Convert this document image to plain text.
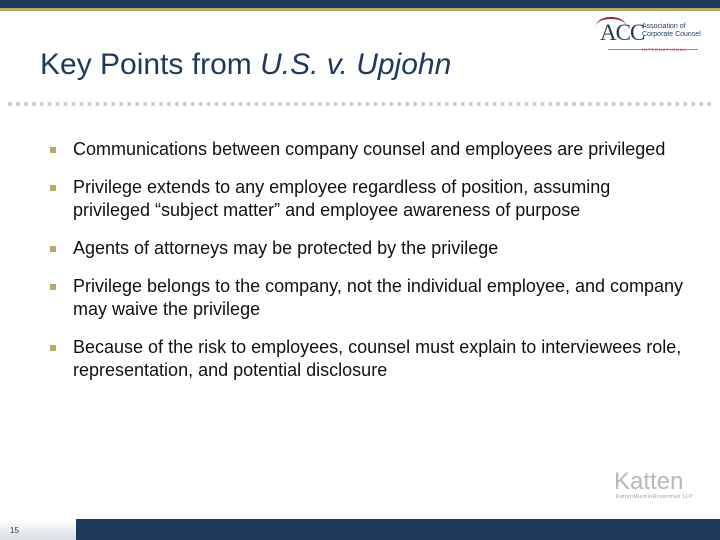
ACC
Association of
Corporate Counsel
INTERNATIONAL
Key Points from U.S. v. Upjohn
Communications between company counsel and employees are privileged
Privilege extends to any employee regardless of position, assuming privileged “subject matter” and employee awareness of purpose
Agents of attorneys may be protected by the privilege
Privilege belongs to the company, not the individual employee, and company may waive the privilege
Because of the risk to employees, counsel must explain to interviewees role, representation, and potential disclosure
Katten
KattenMuchinRosenman LLP
15
